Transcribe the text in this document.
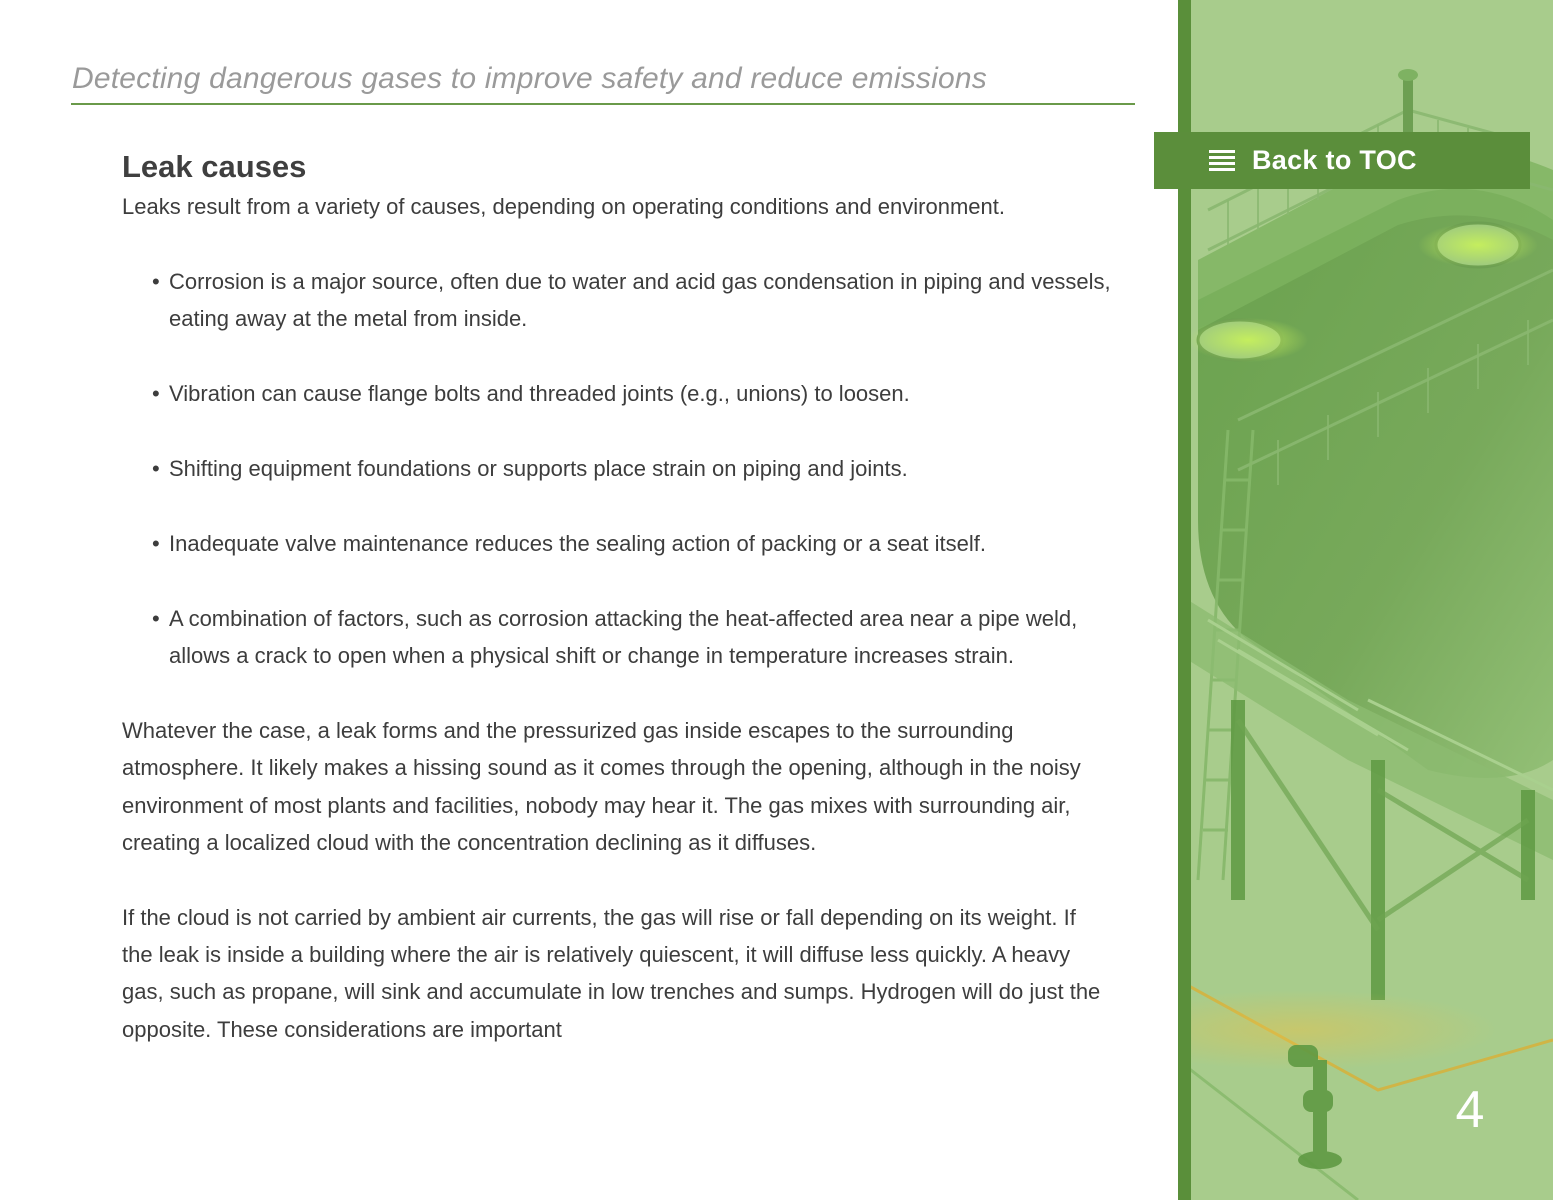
Detecting dangerous gases to improve safety and reduce emissions
Leak causes

Leaks result from a variety of causes, depending on operating conditions and environment.

• Corrosion is a major source, often due to water and acid gas condensation in piping and vessels, eating away at the metal from inside.
• Vibration can cause flange bolts and threaded joints (e.g., unions) to loosen.
• Shifting equipment foundations or supports place strain on piping and joints.
• Inadequate valve maintenance reduces the sealing action of packing or a seat itself.
• A combination of factors, such as corrosion attacking the heat-affected area near a pipe weld, allows a crack to open when a physical shift or change in temperature increases strain.

Whatever the case, a leak forms and the pressurized gas inside escapes to the surrounding atmosphere. It likely makes a hissing sound as it comes through the opening, although in the noisy environment of most plants and facilities, nobody may hear it. The gas mixes with surrounding air, creating a localized cloud with the concentration declining as it diffuses.

If the cloud is not carried by ambient air currents, the gas will rise or fall depending on its weight. If the leak is inside a building where the air is relatively quiescent, it will diffuse less quickly. A heavy gas, such as propane, will sink and accumulate in low trenches and sumps. Hydrogen will do just the opposite. These considerations are important

Back to TOC
4
